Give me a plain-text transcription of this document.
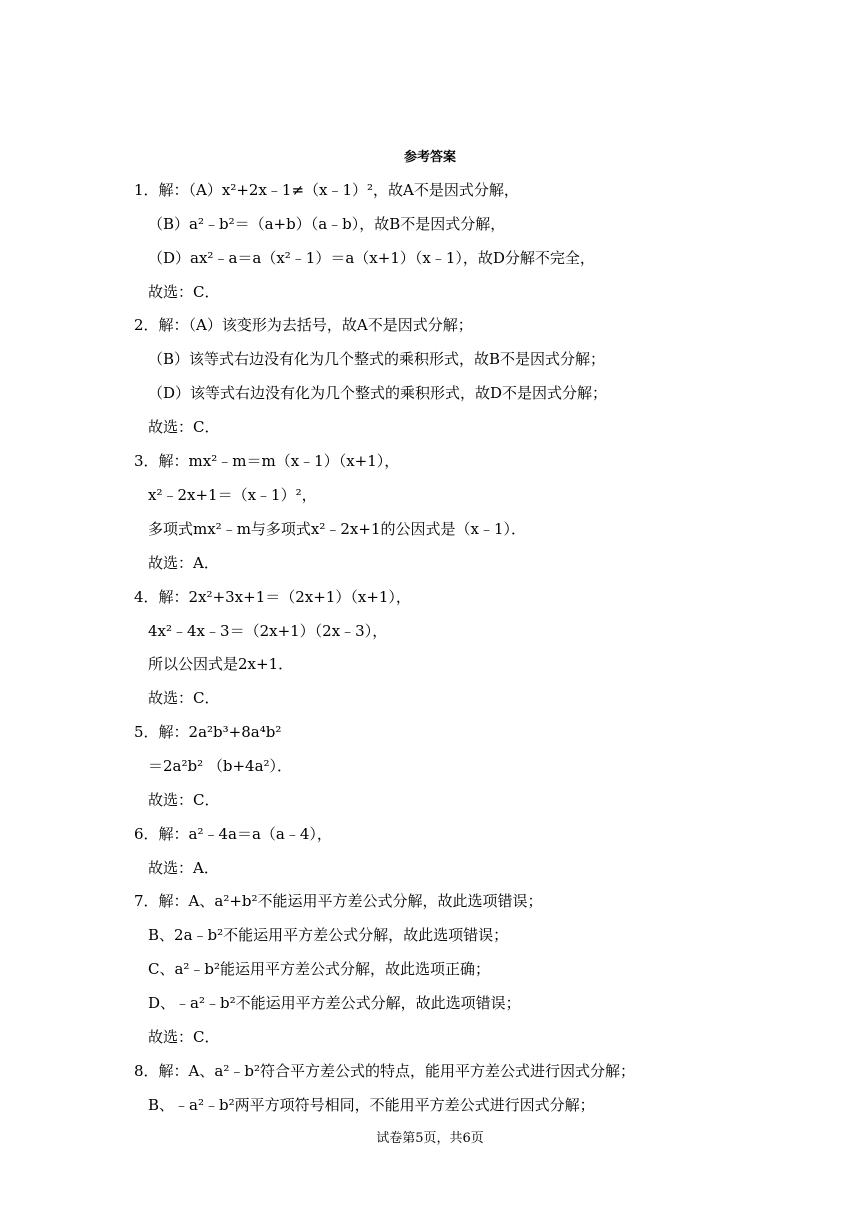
参考答案
1．解：（A）x²+2x﹣1≠（x﹣1）²，故A不是因式分解，
（B）a²﹣b²＝（a+b）（a﹣b），故B不是因式分解，
（D）ax²﹣a＝a（x²﹣1）＝a（x+1）（x﹣1），故D分解不完全，
故选：C．
2．解：（A）该变形为去括号，故A不是因式分解；
（B）该等式右边没有化为几个整式的乘积形式，故B不是因式分解；
（D）该等式右边没有化为几个整式的乘积形式，故D不是因式分解；
故选：C．
3．解：mx²﹣m＝m（x﹣1）（x+1），
x²﹣2x+1＝（x﹣1）²，
多项式mx²﹣m与多项式x²﹣2x+1的公因式是（x﹣1）．
故选：A．
4．解：2x²+3x+1＝（2x+1）（x+1），
4x²﹣4x﹣3＝（2x+1）（2x﹣3），
所以公因式是2x+1．
故选：C．
5．解：2a²b³+8a⁴b²
＝2a²b² （b+4a²）．
故选：C．
6．解：a²﹣4a＝a（a﹣4），
故选：A．
7．解：A、a²+b²不能运用平方差公式分解，故此选项错误；
B、2a﹣b²不能运用平方差公式分解，故此选项错误；
C、a²﹣b²能运用平方差公式分解，故此选项正确；
D、﹣a²﹣b²不能运用平方差公式分解，故此选项错误；
故选：C．
8．解：A、a²﹣b²符合平方差公式的特点，能用平方差公式进行因式分解；
B、﹣a²﹣b²两平方项符号相同，不能用平方差公式进行因式分解；
试卷第5页，共6页
